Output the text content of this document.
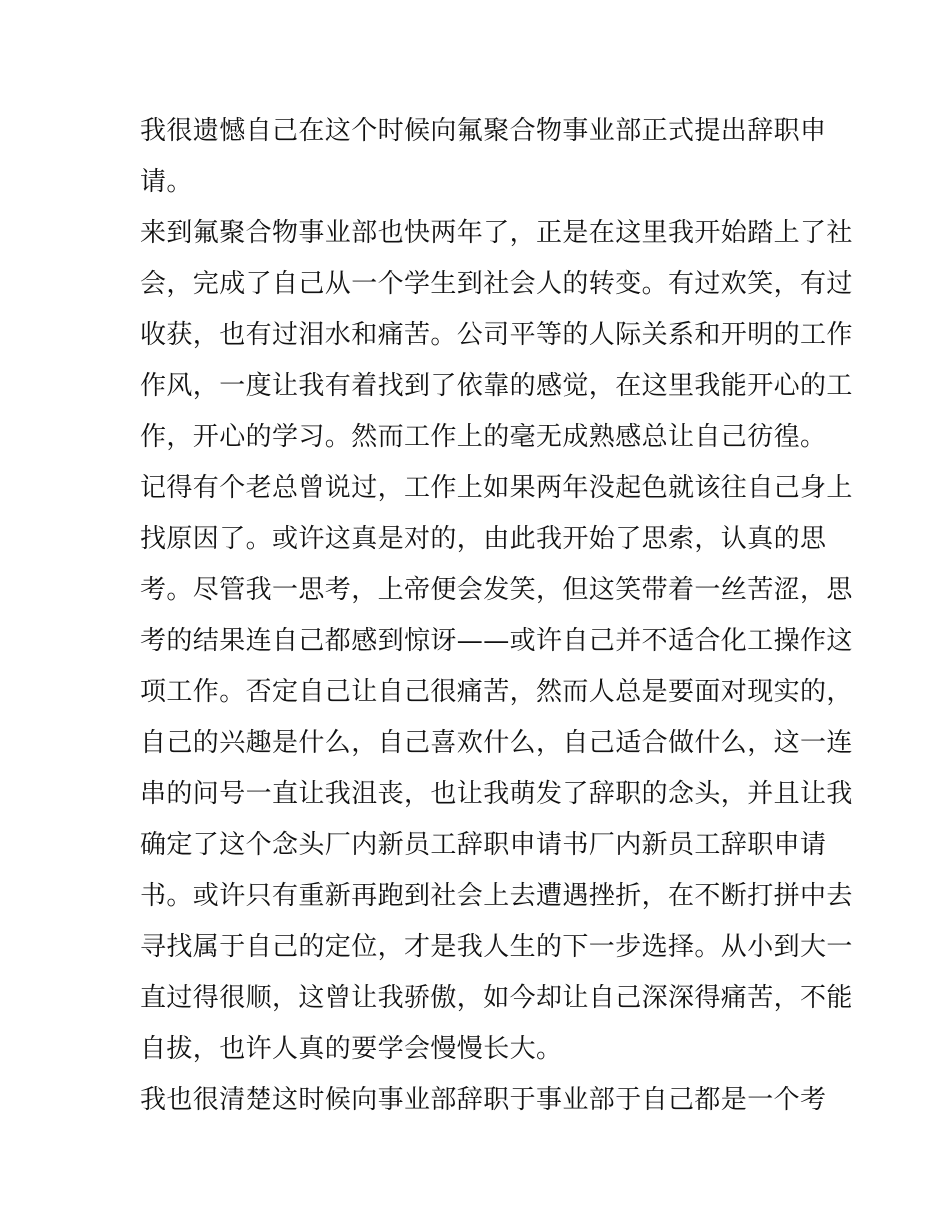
我很遗憾自己在这个时候向氟聚合物事业部正式提出辞职申
请。
来到氟聚合物事业部也快两年了，正是在这里我开始踏上了社
会，完成了自己从一个学生到社会人的转变。有过欢笑，有过
收获，也有过泪水和痛苦。公司平等的人际关系和开明的工作
作风，一度让我有着找到了依靠的感觉，在这里我能开心的工
作，开心的学习。然而工作上的毫无成熟感总让自己彷徨。
记得有个老总曾说过，工作上如果两年没起色就该往自己身上
找原因了。或许这真是对的，由此我开始了思索，认真的思
考。尽管我一思考，上帝便会发笑，但这笑带着一丝苦涩，思
考的结果连自己都感到惊讶——或许自己并不适合化工操作这
项工作。否定自己让自己很痛苦，然而人总是要面对现实的，
自己的兴趣是什么，自己喜欢什么，自己适合做什么，这一连
串的问号一直让我沮丧，也让我萌发了辞职的念头，并且让我
确定了这个念头厂内新员工辞职申请书厂内新员工辞职申请
书。或许只有重新再跑到社会上去遭遇挫折，在不断打拼中去
寻找属于自己的定位，才是我人生的下一步选择。从小到大一
直过得很顺，这曾让我骄傲，如今却让自己深深得痛苦，不能
自拔，也许人真的要学会慢慢长大。
我也很清楚这时候向事业部辞职于事业部于自己都是一个考
